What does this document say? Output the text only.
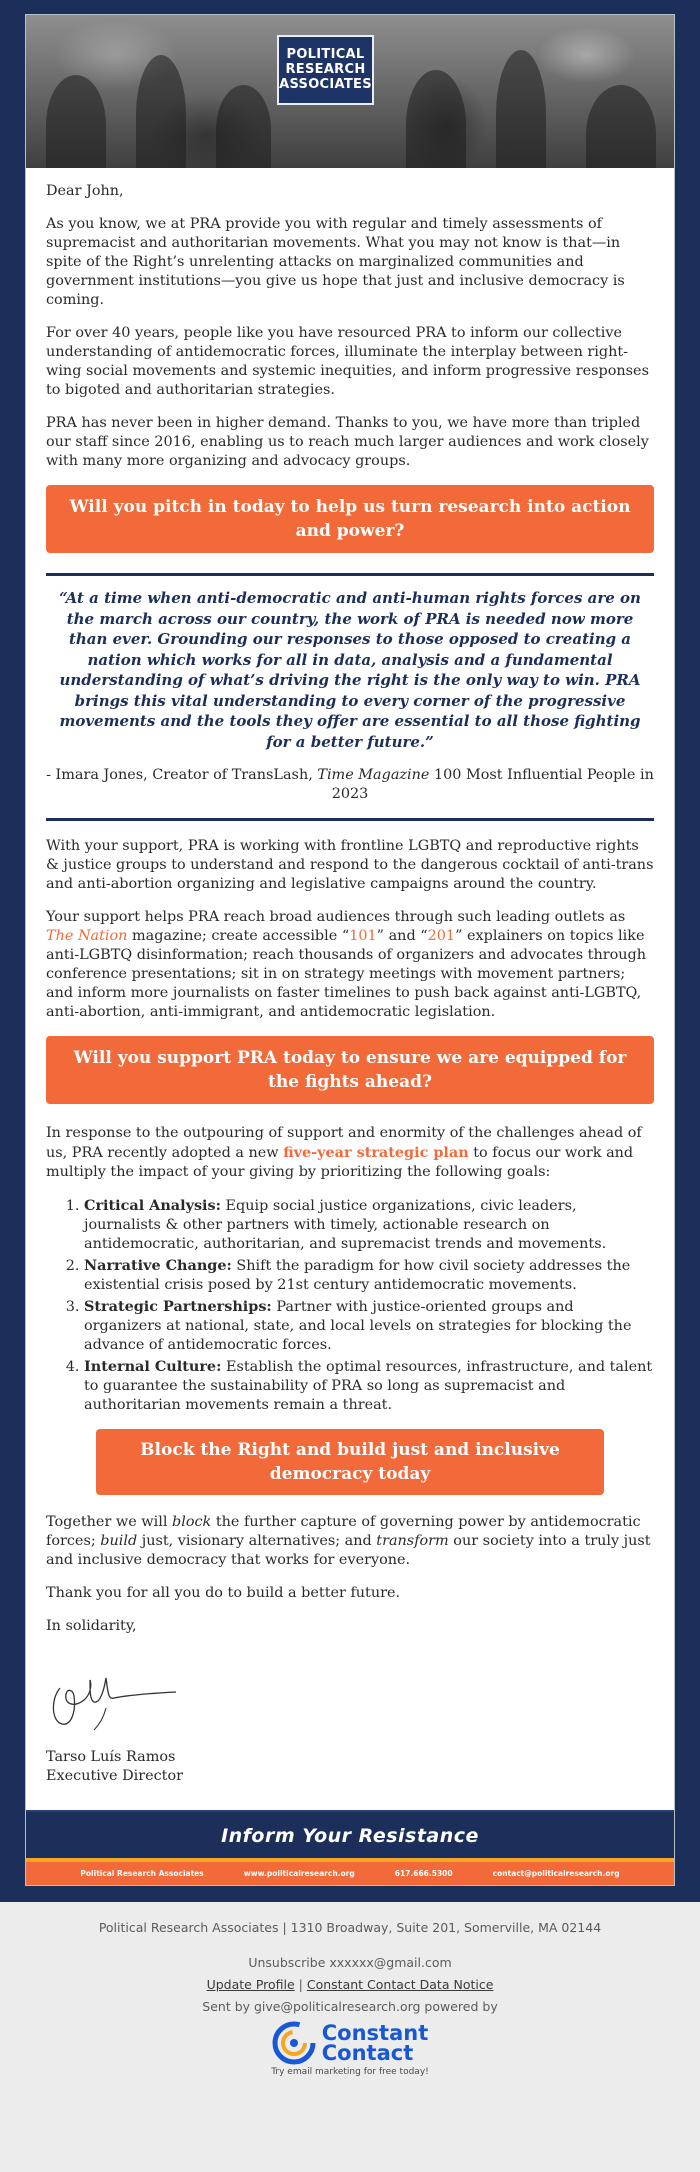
POLITICAL
RESEARCH
ASSOCIATES

Dear John,

As you know, we at PRA provide you with regular and timely assessments of supremacist and authoritarian movements. What you may not know is that—in spite of the Right’s unrelenting attacks on marginalized communities and government institutions—you give us hope that just and inclusive democracy is coming.

For over 40 years, people like you have resourced PRA to inform our collective understanding of antidemocratic forces, illuminate the interplay between right-wing social movements and systemic inequities, and inform progressive responses to bigoted and authoritarian strategies.

PRA has never been in higher demand. Thanks to you, we have more than tripled our staff since 2016, enabling us to reach much larger audiences and work closely with many more organizing and advocacy groups.

Will you pitch in today to help us turn research into action and power?

“At a time when anti-democratic and anti-human rights forces are on the march across our country, the work of PRA is needed now more than ever. Grounding our responses to those opposed to creating a nation which works for all in data, analysis and a fundamental understanding of what’s driving the right is the only way to win. PRA brings this vital understanding to every corner of the progressive movements and the tools they offer are essential to all those fighting for a better future.”

- Imara Jones, Creator of TransLash, Time Magazine 100 Most Influential People in 2023

With your support, PRA is working with frontline LGBTQ and reproductive rights & justice groups to understand and respond to the dangerous cocktail of anti-trans and anti-abortion organizing and legislative campaigns around the country.

Your support helps PRA reach broad audiences through such leading outlets as The Nation magazine; create accessible “101” and “201” explainers on topics like anti-LGBTQ disinformation; reach thousands of organizers and advocates through conference presentations; sit in on strategy meetings with movement partners; and inform more journalists on faster timelines to push back against anti-LGBTQ, anti-abortion, anti-immigrant, and antidemocratic legislation.

Will you support PRA today to ensure we are equipped for the fights ahead?

In response to the outpouring of support and enormity of the challenges ahead of us, PRA recently adopted a new five-year strategic plan to focus our work and multiply the impact of your giving by prioritizing the following goals:

1. Critical Analysis: Equip social justice organizations, civic leaders, journalists & other partners with timely, actionable research on antidemocratic, authoritarian, and supremacist trends and movements.
2. Narrative Change: Shift the paradigm for how civil society addresses the existential crisis posed by 21st century antidemocratic movements.
3. Strategic Partnerships: Partner with justice-oriented groups and organizers at national, state, and local levels on strategies for blocking the advance of antidemocratic forces.
4. Internal Culture: Establish the optimal resources, infrastructure, and talent to guarantee the sustainability of PRA so long as supremacist and authoritarian movements remain a threat.
Block the Right and build just and inclusive democracy today

Together we will block the further capture of governing power by antidemocratic forces; build just, visionary alternatives; and transform our society into a truly just and inclusive democracy that works for everyone.

Thank you for all you do to build a better future.

In solidarity,

Tarso Luís Ramos

Executive Director

Inform Your Resistance
Political Research Associates	www.politicalresearch.org	617.666.5300	contact@politicalresearch.org
Political Research Associates | 1310 Broadway, Suite 201, Somerville, MA 02144
Unsubscribe xxxxxx@gmail.com
Update Profile | Constant Contact Data Notice
Sent by give@politicalresearch.org powered by
Constant
Contact
Try email marketing for free today!
